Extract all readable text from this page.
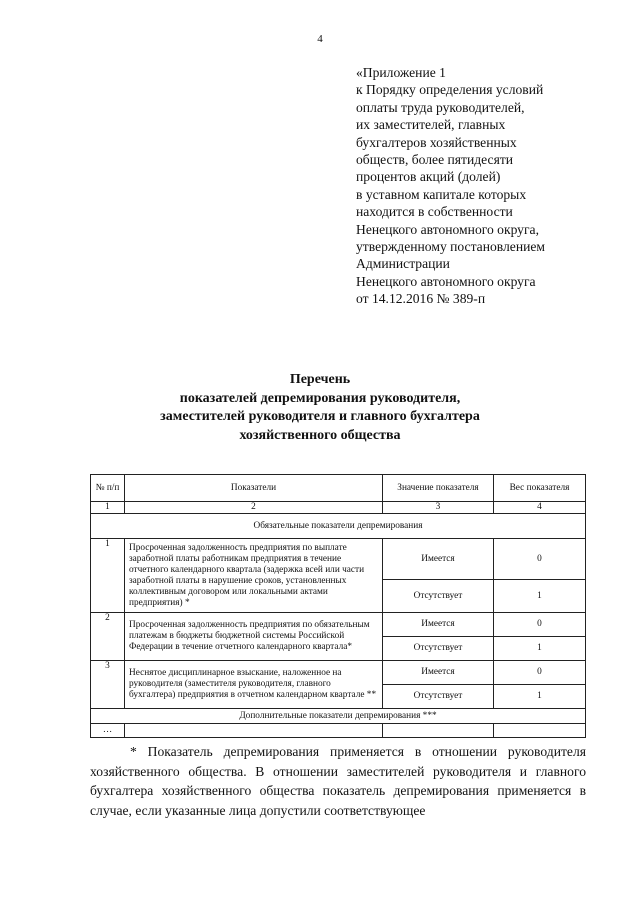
4
«Приложение 1
к Порядку определения условий
оплаты труда руководителей,
их заместителей, главных
бухгалтеров хозяйственных
обществ, более пятидесяти
процентов акций (долей)
в уставном капитале которых
находится в собственности
Ненецкого автономного округа,
утвержденному постановлением
Администрации
Ненецкого автономного округа
от 14.12.2016 № 389-п
Перечень
показателей депремирования руководителя,
заместителей руководителя и главного бухгалтера
хозяйственного общества
№ п/п	Показатели	Значение показателя	Вес показателя
1	2	3	4
Обязательные показатели депремирования			
1	Просроченная задолженность предприятия по выплате заработной платы работникам предприятия в течение отчетного календарного квартала (задержка всей или части заработной платы в нарушение сроков, установленных коллективным договором или локальными актами предприятия) *	Имеется	0
		Отсутствует	1
2	Просроченная задолженность предприятия по обязательным платежам в бюджеты бюджетной системы Российской Федерации в течение отчетного календарного квартала*	Имеется	0
		Отсутствует	1
3	Неснятое дисциплинарное взыскание, наложенное на руководителя (заместителя руководителя, главного бухгалтера) предприятия в отчетном календарном квартале **	Имеется	0
		Отсутствует	1
Дополнительные показатели депремирования ***			
…			

* Показатель депремирования применяется в отношении руководителя хозяйственного общества. В отношении заместителей руководителя и главного бухгалтера хозяйственного общества показатель депремирования применяется в случае, если указанные лица допустили соответствующее
